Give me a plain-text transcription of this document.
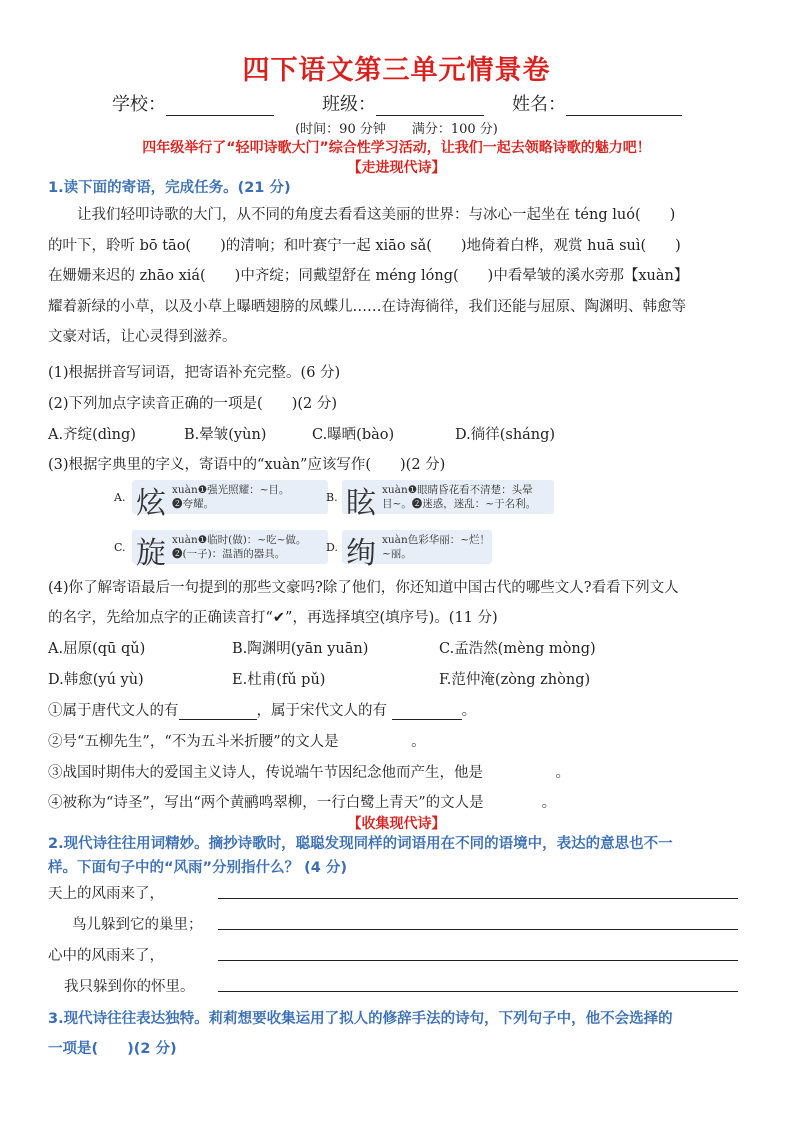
四下语文第三单元情景卷
学校：	班级：	姓名：
(时间：90 分钟　　满分：100 分)
四年级举行了“轻叩诗歌大门”综合性学习活动，让我们一起去领略诗歌的魅力吧！
【走进现代诗】
1.读下面的寄语，完成任务。(21 分)
让我们轻叩诗歌的大门，从不同的角度去看看这美丽的世界：与冰心一起坐在 téng luó(　　)
的叶下，聆听 bō tāo(　　)的清响；和叶赛宁一起 xiāo sǎ(　　)地倚着白桦，观赏 huā suì(　　)
在姗姗来迟的 zhāo xiá(　　)中齐绽；同戴望舒在 méng lóng(　　)中看晕皱的溪水旁那【xuàn】
耀着新绿的小草，以及小草上曝晒翅膀的凤蝶儿……在诗海徜徉，我们还能与屈原、陶渊明、韩愈等
文豪对话，让心灵得到滋养。
(1)根据拼音写词语，把寄语补充完整。(6 分)
(2)下列加点字读音正确的一项是(　　)(2 分)
A.齐绽(dìng)	B.晕皱(yùn)	C.曝晒(bào)	D.徜徉(sháng)
(3)根据字典里的字义，寄语中的“xuàn”应该写作(　　)(2 分)
A. 炫 xuàn❶强光照耀：~目。
❷夸耀。	B. 眩 xuàn❶眼睛昏花看不清楚：头晕
目~。❷迷惑，迷乱：~于名利。
C. 旋 xuàn❶临时(做)：~吃~做。
❷(一子)：温酒的器具。	D. 绚 xuàn色彩华丽：~烂！
~丽。
(4)你了解寄语最后一句提到的那些文豪吗?除了他们，你还知道中国古代的哪些文人?看看下列文人
的名字，先给加点字的正确读音打“✔”，再选择填空(填序号)。(11 分)
A.屈原(qū qǔ)	B.陶渊明(yān yuān)	C.孟浩然(mèng mòng)
D.韩愈(yú yù)	E.杜甫(fǔ pǔ)	F.范仲淹(zòng zhòng)
①属于唐代文人的有	，属于宋代文人的有	。
②号“五柳先生”，“不为五斗米折腰”的文人是　　　　　。
③战国时期伟大的爱国主义诗人，传说端午节因纪念他而产生，他是　　　　　。
④被称为“诗圣”，写出“两个黄鹂鸣翠柳，一行白鹭上青天”的文人是　　　　。
【收集现代诗】
2.现代诗往往用词精妙。摘抄诗歌时，聪聪发现同样的词语用在不同的语境中，表达的意思也不一
样。下面句子中的“风雨”分别指什么？ (4 分)
天上的风雨来了，
鸟儿躲到它的巢里；
心中的风雨来了，
我只躲到你的怀里。
3.现代诗往往表达独特。莉莉想要收集运用了拟人的修辞手法的诗句，下列句子中，他不会选择的
一项是(　　)(2 分)
